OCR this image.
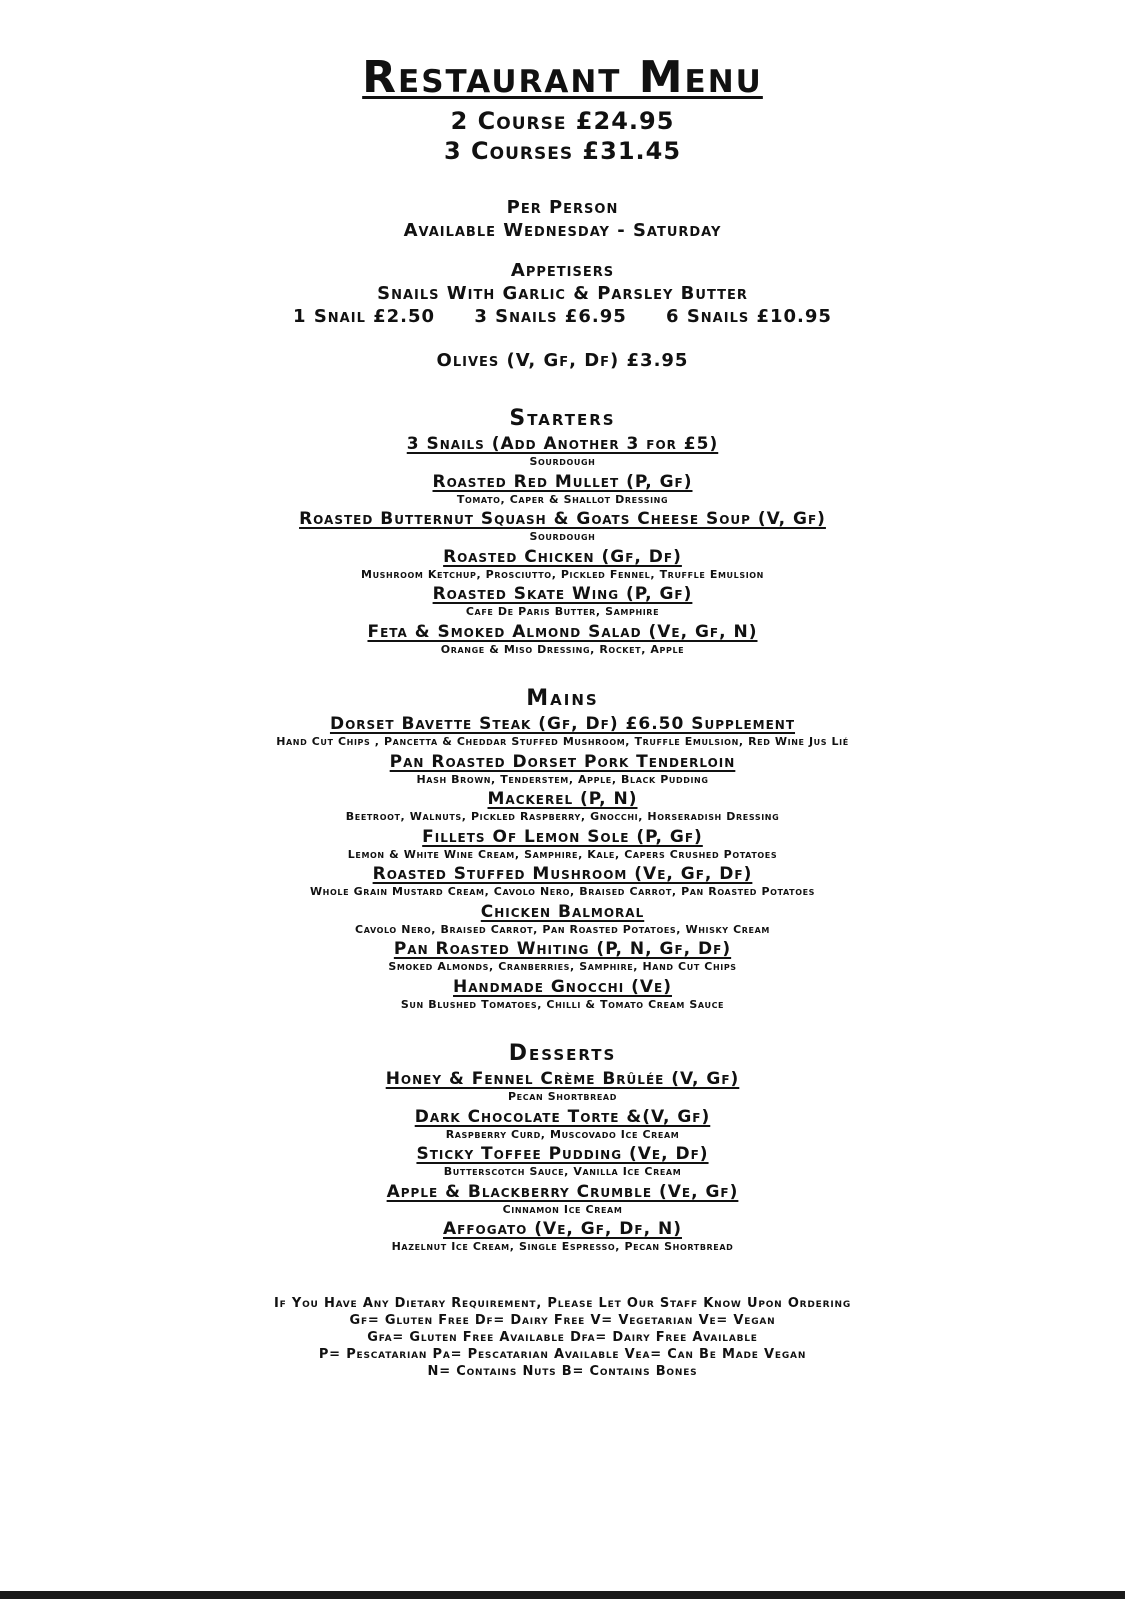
Restaurant Menu
2 Course £24.95
3 Courses £31.45
Per Person
Available Wednesday - Saturday
Appetisers
Snails With Garlic & Parsley Butter
1 Snail £2.50 3 Snails £6.95 6 Snails £10.95
Olives (V, Gf, Df) £3.95
Starters
3 Snails (Add Another 3 for £5)
Sourdough
Roasted Red Mullet (P, Gf)
Tomato, Caper & Shallot Dressing
Roasted Butternut Squash & Goats Cheese Soup (V, Gf)
Sourdough
Roasted Chicken (Gf, Df)
Mushroom Ketchup, Prosciutto, Pickled Fennel, Truffle Emulsion
Roasted Skate Wing (P, Gf)
Cafe De Paris Butter, Samphire
Feta & Smoked Almond Salad (Ve, Gf, N)
Orange & Miso Dressing, Rocket, Apple
Mains
Dorset Bavette Steak (Gf, Df) £6.50 Supplement
Hand Cut Chips , Pancetta & Cheddar Stuffed Mushroom, Truffle Emulsion, Red Wine Jus Lié
Pan Roasted Dorset Pork Tenderloin
Hash Brown, Tenderstem, Apple, Black Pudding
Mackerel (P, N)
Beetroot, Walnuts, Pickled Raspberry, Gnocchi, Horseradish Dressing
Fillets Of Lemon Sole (P, Gf)
Lemon & White Wine Cream, Samphire, Kale, Capers Crushed Potatoes
Roasted Stuffed Mushroom (Ve, Gf, Df)
Whole Grain Mustard Cream, Cavolo Nero, Braised Carrot, Pan Roasted Potatoes
Chicken Balmoral
Cavolo Nero, Braised Carrot, Pan Roasted Potatoes, Whisky Cream
Pan Roasted Whiting (P, N, Gf, Df)
Smoked Almonds, Cranberries, Samphire, Hand Cut Chips
Handmade Gnocchi (Ve)
Sun Blushed Tomatoes, Chilli & Tomato Cream Sauce
Desserts
Honey & Fennel Crème Brûlée (V, Gf)
Pecan Shortbread
Dark Chocolate Torte &(V, Gf)
Raspberry Curd, Muscovado Ice Cream
Sticky Toffee Pudding (Ve, Df)
Butterscotch Sauce, Vanilla Ice Cream
Apple & Blackberry Crumble (Ve, Gf)
Cinnamon Ice Cream
Affogato (Ve, Gf, Df, N)
Hazelnut Ice Cream, Single Espresso, Pecan Shortbread
If You Have Any Dietary Requirement, Please Let Our Staff Know Upon Ordering
Gf= Gluten Free Df= Dairy Free V= Vegetarian Ve= Vegan
Gfa= Gluten Free Available Dfa= Dairy Free Available
P= Pescatarian Pa= Pescatarian Available Vea= Can Be Made Vegan
N= Contains Nuts B= Contains Bones
